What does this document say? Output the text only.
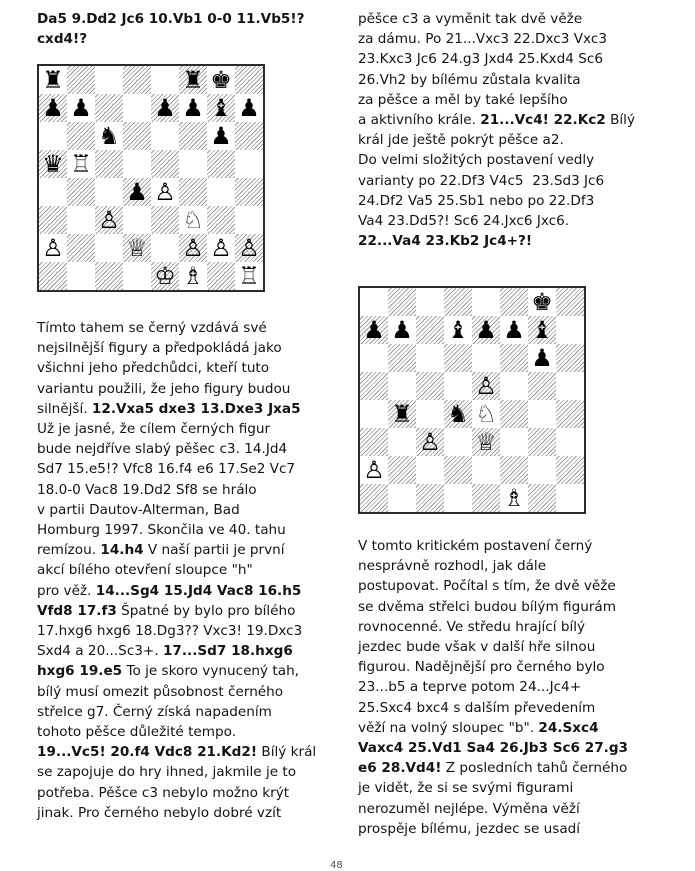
Da5 9.Dd2 Jc6 10.Vb1 0-0 11.Vb5!?
cxd4!?
♜	♜ ♚
♟ ♟	♟ ♟ ♝ ♟
♞	♟
♛ ♖
♟ ♙
♙	♘
♙	♕ ♙ ♙ ♙
♔ ♗ ♖
Tímto tahem se černý vzdává své
nejsilnější figury a předpokládá jako
všichni jeho předchůdci, kteří tuto
variantu použili, že jeho figury budou
silnější. 12.Vxa5 dxe3 13.Dxe3 Jxa5
Už je jasné, že cílem černých figur
bude nejdříve slabý pěšec c3. 14.Jd4
Sd7 15.e5!? Vfc8 16.f4 e6 17.Se2 Vc7
18.0-0 Vac8 19.Dd2 Sf8 se hrálo
v partii Dautov-Alterman, Bad
Homburg 1997. Skončila ve 40. tahu
remízou. 14.h4 V naší partii je první
akcí bílého otevření sloupce "h"
pro věž. 14...Sg4 15.Jd4 Vac8 16.h5
Vfd8 17.f3 Špatné by bylo pro bílého
17.hxg6 hxg6 18.Dg3?? Vxc3! 19.Dxc3
Sxd4 a 20...Sc3+. 17...Sd7 18.hxg6
hxg6 19.e5 To je skoro vynucený tah,
bílý musí omezit působnost černého
střelce g7. Černý získá napadením
tohoto pěšce důležité tempo.
19...Vc5! 20.f4 Vdc8 21.Kd2! Bílý král
se zapojuje do hry ihned, jakmile je to
potřeba. Pěšce c3 nebylo možno krýt
jinak. Pro černého nebylo dobré vzít
pěšce c3 a vyměnit tak dvě věže
za dámu. Po 21...Vxc3 22.Dxc3 Vxc3
23.Kxc3 Jc6 24.g3 Jxd4 25.Kxd4 Sc6
26.Vh2 by bílému zůstala kvalita
za pěšce a měl by také lepšího
a aktivního krále. 21...Vc4! 22.Kc2 Bílý
král jde ještě pokrýt pěšce a2.
Do velmi složitých postavení vedly
varianty po 22.Df3 V4c5  23.Sd3 Jc6
24.Df2 Va5 25.Sb1 nebo po 22.Df3
Va4 23.Dd5?! Sc6 24.Jxc6 Jxc6.
22...Va4 23.Kb2 Jc4+?!
♚
♟ ♟ ♝ ♟ ♟ ♝
♟
♙
♜ ♞ ♘
♙ ♕
♙
♗
V tomto kritickém postavení černý
nesprávně rozhodl, jak dále
postupovat. Počítal s tím, že dvě věže
se dvěma střelci budou bílým figurám
rovnocenné. Ve středu hrající bílý
jezdec bude však v další hře silnou
figurou. Nadějnější pro černého bylo
23...b5 a teprve potom 24...Jc4+
25.Sxc4 bxc4 s dalším převedením
věží na volný sloupec "b". 24.Sxc4
Vaxc4 25.Vd1 Sa4 26.Jb3 Sc6 27.g3
e6 28.Vd4! Z posledních tahů černého
je vidět, že si se svými figurami
nerozuměl nejlépe. Výměna věží
prospěje bílému, jezdec se usadí
48
